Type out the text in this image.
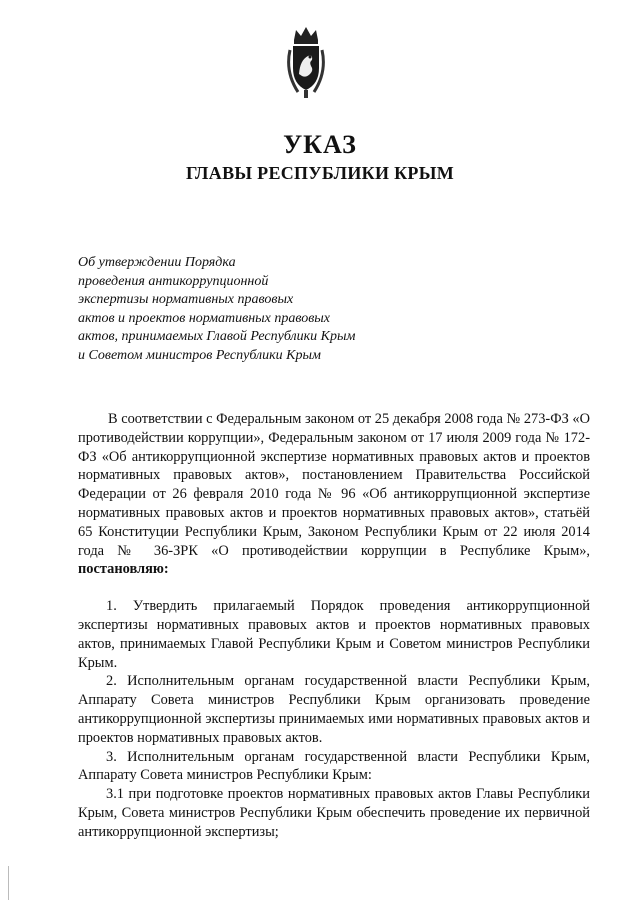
УКАЗ
ГЛАВЫ РЕСПУБЛИКИ КРЫМ
Об утверждении Порядка
проведения антикоррупционной
экспертизы нормативных правовых
актов и проектов нормативных правовых
актов, принимаемых Главой Республики Крым
и Советом министров Республики Крым
В соответствии с Федеральным законом от 25 декабря 2008 года № 273-ФЗ «О противодействии коррупции», Федеральным законом от 17 июля 2009 года № 172-ФЗ «Об антикоррупционной экспертизе нормативных правовых актов и проектов нормативных правовых актов», постановлением Правительства Российской Федерации от 26 февраля 2010 года № 96 «Об антикоррупционной экспертизе нормативных правовых актов и проектов нормативных правовых актов», статьёй 65 Конституции Республики Крым, Законом Республики Крым от 22 июля 2014 года № 36-ЗРК «О противодействии коррупции в Республике Крым», постановляю:
1. Утвердить прилагаемый Порядок проведения антикоррупционной экспертизы нормативных правовых актов и проектов нормативных правовых актов, принимаемых Главой Республики Крым и Советом министров Республики Крым.
2. Исполнительным органам государственной власти Республики Крым, Аппарату Совета министров Республики Крым организовать проведение антикоррупционной экспертизы принимаемых ими нормативных правовых актов и проектов нормативных правовых актов.
3. Исполнительным органам государственной власти Республики Крым, Аппарату Совета министров Республики Крым:
3.1 при подготовке проектов нормативных правовых актов Главы Республики Крым, Совета министров Республики Крым обеспечить проведение их первичной антикоррупционной экспертизы;
